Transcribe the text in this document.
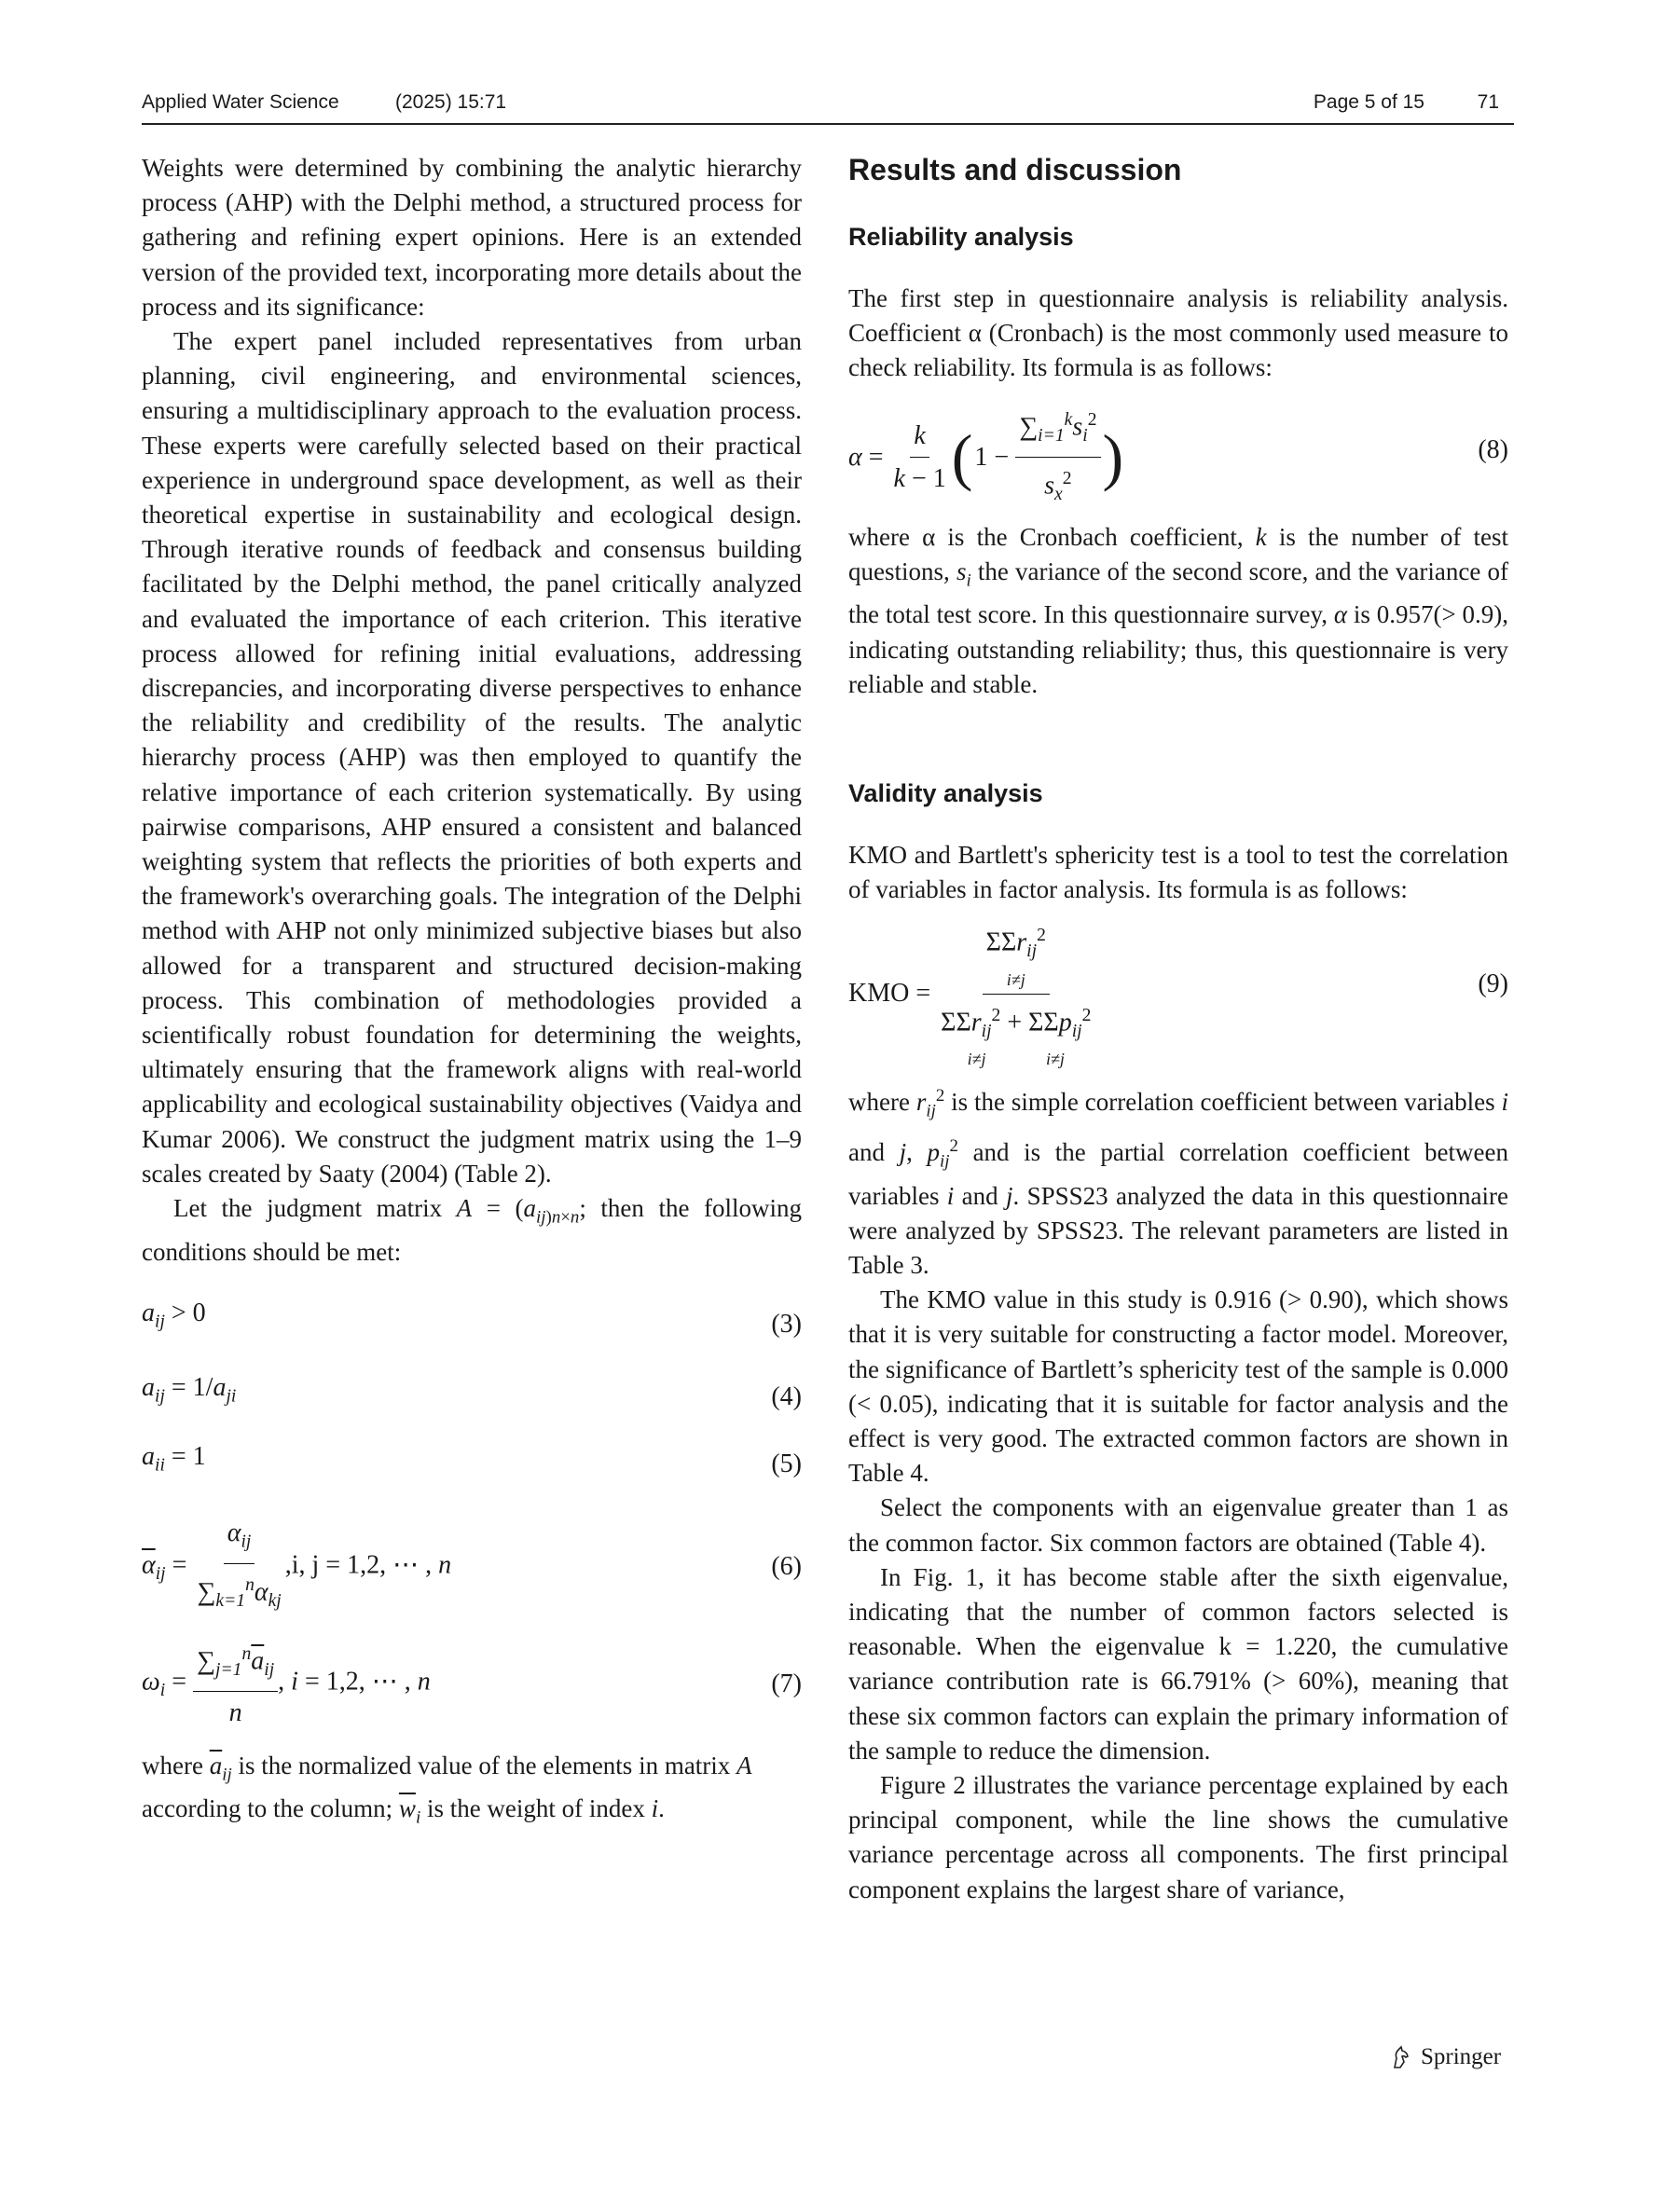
Applied Water Science	(2025) 15:71	Page 5 of 15	71

Weights were determined by combining the analytic hierarchy process (AHP) with the Delphi method, a structured process for gathering and refining expert opinions. Here is an extended version of the provided text, incorporating more details about the process and its significance:

The expert panel included representatives from urban planning, civil engineering, and environmental sciences, ensuring a multidisciplinary approach to the evaluation process. These experts were carefully selected based on their practical experience in underground space development, as well as their theoretical expertise in sustainability and ecological design. Through iterative rounds of feedback and consensus building facilitated by the Delphi method, the panel critically analyzed and evaluated the importance of each criterion. This iterative process allowed for refining initial evaluations, addressing discrepancies, and incorporating diverse perspectives to enhance the reliability and credibility of the results. The analytic hierarchy process (AHP) was then employed to quantify the relative importance of each criterion systematically. By using pairwise comparisons, AHP ensured a consistent and balanced weighting system that reflects the priorities of both experts and the framework's overarching goals. The integration of the Delphi method with AHP not only minimized subjective biases but also allowed for a transparent and structured decision-making process. This combination of methodologies provided a scientifically robust foundation for determining the weights, ultimately ensuring that the framework aligns with real-world applicability and ecological sustainability objectives (Vaidya and Kumar 2006). We construct the judgment matrix using the 1–9 scales created by Saaty (2004) (Table 2).

Let the judgment matrix $A = (a_{ij)n\times n}$; then the following conditions should be met:

$a_{ij} > 0$	(3)
$a_{ij} = 1/a_{ji}$	(4)
$a_{ii} = 1$	(5)
$\overline{\alpha}_{ij} = \frac{\alpha_{ij}}{\sum_{k=1}^n\alpha_{kj}} ,i$, j = 1,2, ⋯ , n	(6)
$\omega_i = \frac{\sum_{j=1}^n\overline{a}_{ij}}{n}$ , i = 1,2, ⋯ , n	(7)

where $\overline{a}_{ij}$ is the normalized value of the elements in matrix A according to the column; $\overline{w}_i$ is the weight of index i.

Results and discussion
Reliability analysis

The first step in questionnaire analysis is reliability analysis. Coefficient α (Cronbach) is the most commonly used measure to check reliability. Its formula is as follows:

α
=
$\frac{k}{k - 1}$ ( $1 - \frac{\sum_{i=1}^ks_i^2}{s_x^2}$ )	(8)

where α is the Cronbach coefficient, k is the number of test questions, $s_i$ the variance of the second score, and the variance of the total test score. In this questionnaire survey, α is 0.957(> 0.9), indicating outstanding reliability; thus, this questionnaire is very reliable and stable.

Validity analysis

KMO and Bartlett's sphericity test is a tool to test the correlation of variables in factor analysis. Its formula is as follows:

KMO =
ΣΣr$_{ij}^2$
i≠j
ΣΣr$_{ij}^2$ + ΣΣp$_{ij}^2$
i≠j	i≠j	(9)

where $r_{ij}^2$ is the simple correlation coefficient between variables i and j, $p_{ij}^2$ and is the partial correlation coefficient between variables i and j. SPSS23 analyzed the data in this questionnaire were analyzed by SPSS23. The relevant parameters are listed in Table 3.

The KMO value in this study is 0.916 (> 0.90), which shows that it is very suitable for constructing a factor model. Moreover, the significance of Bartlett’s sphericity test of the sample is 0.000 (< 0.05), indicating that it is suitable for factor analysis and the effect is very good. The extracted common factors are shown in Table 4.

Select the components with an eigenvalue greater than 1 as the common factor. Six common factors are obtained (Table 4).

In Fig. 1, it has become stable after the sixth eigenvalue, indicating that the number of common factors selected is reasonable. When the eigenvalue k = 1.220, the cumulative variance contribution rate is 66.791% (> 60%), meaning that these six common factors can explain the primary information of the sample to reduce the dimension.

Figure 2 illustrates the variance percentage explained by each principal component, while the line shows the cumulative variance percentage across all components. The first principal component explains the largest share of variance,

Springer
